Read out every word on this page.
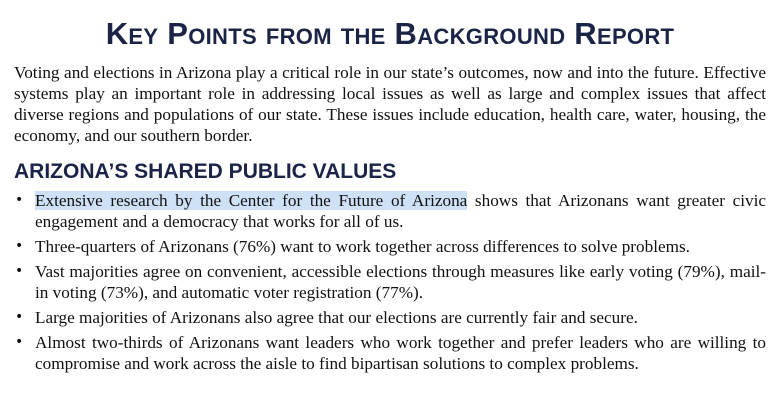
Key Points from the Background Report

Voting and elections in Arizona play a critical role in our state’s outcomes, now and into the future. Effective systems play an important role in addressing local issues as well as large and complex issues that affect diverse regions and populations of our state. These issues include education, health care, water, housing, the economy, and our southern border.

ARIZONA’S SHARED PUBLIC VALUES
• Extensive research by the Center for the Future of Arizona shows that Arizonans want greater civic engagement and a democracy that works for all of us.
• Three-quarters of Arizonans (76%) want to work together across differences to solve problems.
• Vast majorities agree on convenient, accessible elections through measures like early voting (79%), mail-in voting (73%), and automatic voter registration (77%).
• Large majorities of Arizonans also agree that our elections are currently fair and secure.
• Almost two-thirds of Arizonans want leaders who work together and prefer leaders who are willing to compromise and work across the aisle to find bipartisan solutions to complex problems.
